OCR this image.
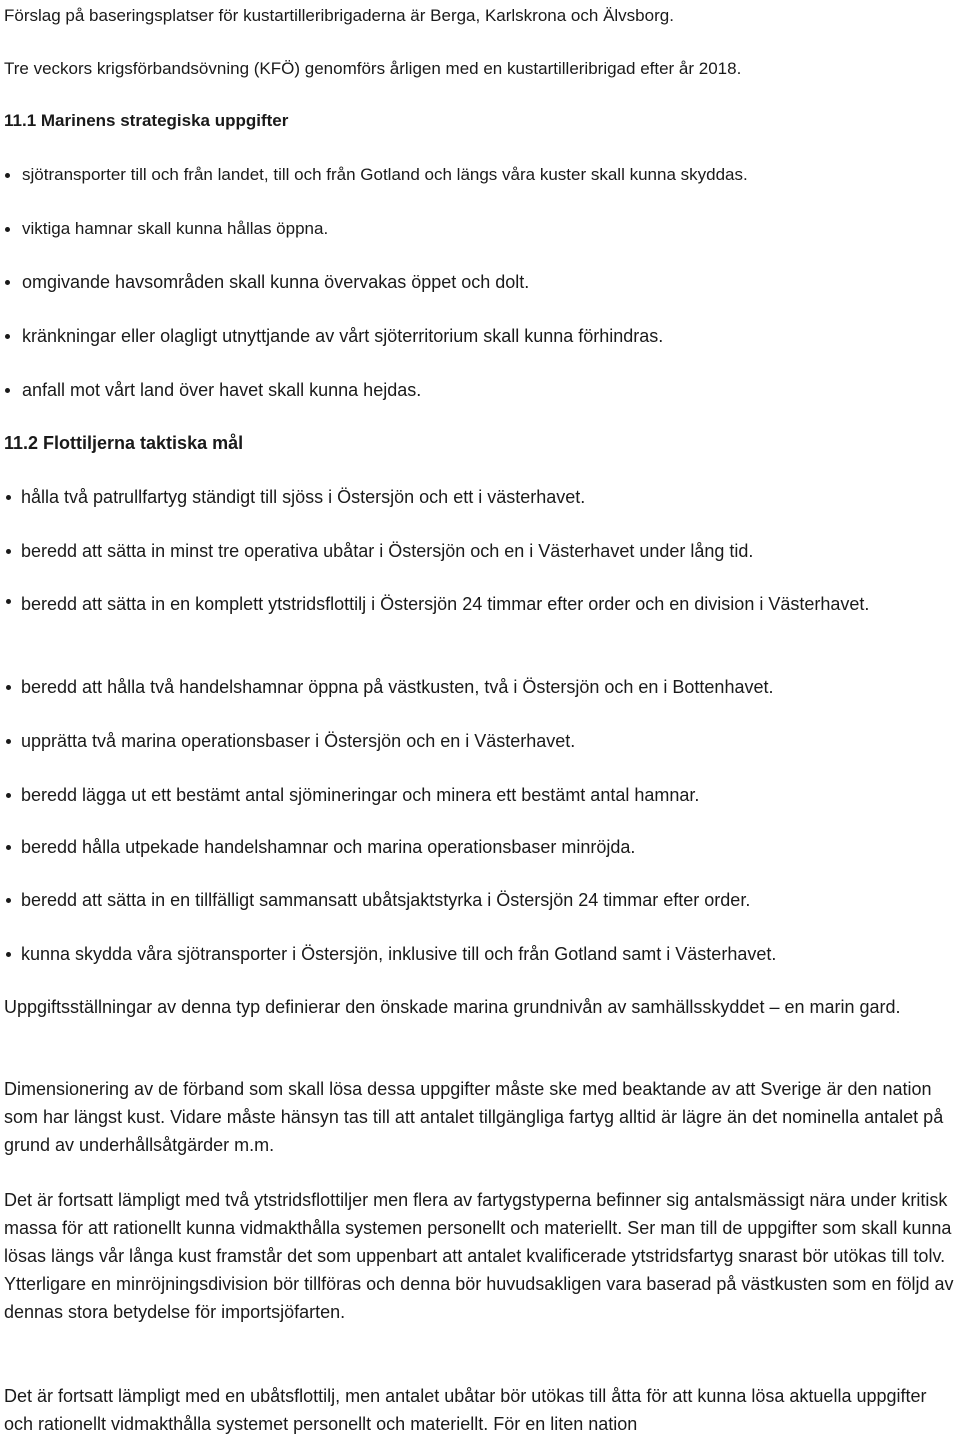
Förslag på baseringsplatser för kustartilleribrigaderna är Berga, Karlskrona och Älvsborg.
Tre veckors krigsförbandsövning (KFÖ) genomförs årligen med en kustartilleribrigad efter år 2018.
11.1 Marinens strategiska uppgifter
sjötransporter till och från landet, till och från Gotland och längs våra kuster skall kunna skyddas.
viktiga hamnar skall kunna hållas öppna.
omgivande havsområden skall kunna övervakas öppet och dolt.
kränkningar eller olagligt utnyttjande av vårt sjöterritorium skall kunna förhindras.
anfall mot vårt land över havet skall kunna hejdas.
11.2 Flottiljerna taktiska mål
hålla två patrullfartyg ständigt till sjöss i Östersjön och ett i västerhavet.
beredd att sätta in minst tre operativa ubåtar i Östersjön och en i Västerhavet under lång tid.
beredd att sätta in en komplett ytstridsflottilj i Östersjön 24 timmar efter order och en division i Västerhavet.
beredd att hålla två handelshamnar öppna på västkusten, två i Östersjön och en i Bottenhavet.
upprätta två marina operationsbaser i Östersjön och en i Västerhavet.
beredd lägga ut ett bestämt antal sjömineringar och minera ett bestämt antal hamnar.
beredd hålla utpekade handelshamnar och marina operationsbaser minröjda.
beredd att sätta in en tillfälligt sammansatt ubåtsjaktstyrka i Östersjön 24 timmar efter order.
kunna skydda våra sjötransporter i Östersjön, inklusive till och från Gotland samt i Västerhavet.
Uppgiftsställningar av denna typ definierar den önskade marina grundnivån av samhällsskyddet – en marin gard.
Dimensionering av de förband som skall lösa dessa uppgifter måste ske med beaktande av att Sverige är den nation som har längst kust. Vidare måste hänsyn tas till att antalet tillgängliga fartyg alltid är lägre än det nominella antalet på grund av underhållsåtgärder m.m.
Det är fortsatt lämpligt med två ytstridsflottiljer men flera av fartygstyperna befinner sig antalsmässigt nära under kritisk massa för att rationellt kunna vidmakthålla systemen personellt och materiellt. Ser man till de uppgifter som skall kunna lösas längs vår långa kust framstår det som uppenbart att antalet kvalificerade ytstridsfartyg snarast bör utökas till tolv. Ytterligare en minröjningsdivision bör tillföras och denna bör huvudsakligen vara baserad på västkusten som en följd av dennas stora betydelse för importsjöfarten.
Det är fortsatt lämpligt med en ubåtsflottilj, men antalet ubåtar bör utökas till åtta för att kunna lösa aktuella uppgifter och rationellt vidmakthålla systemet personellt och materiellt. För en liten nation
